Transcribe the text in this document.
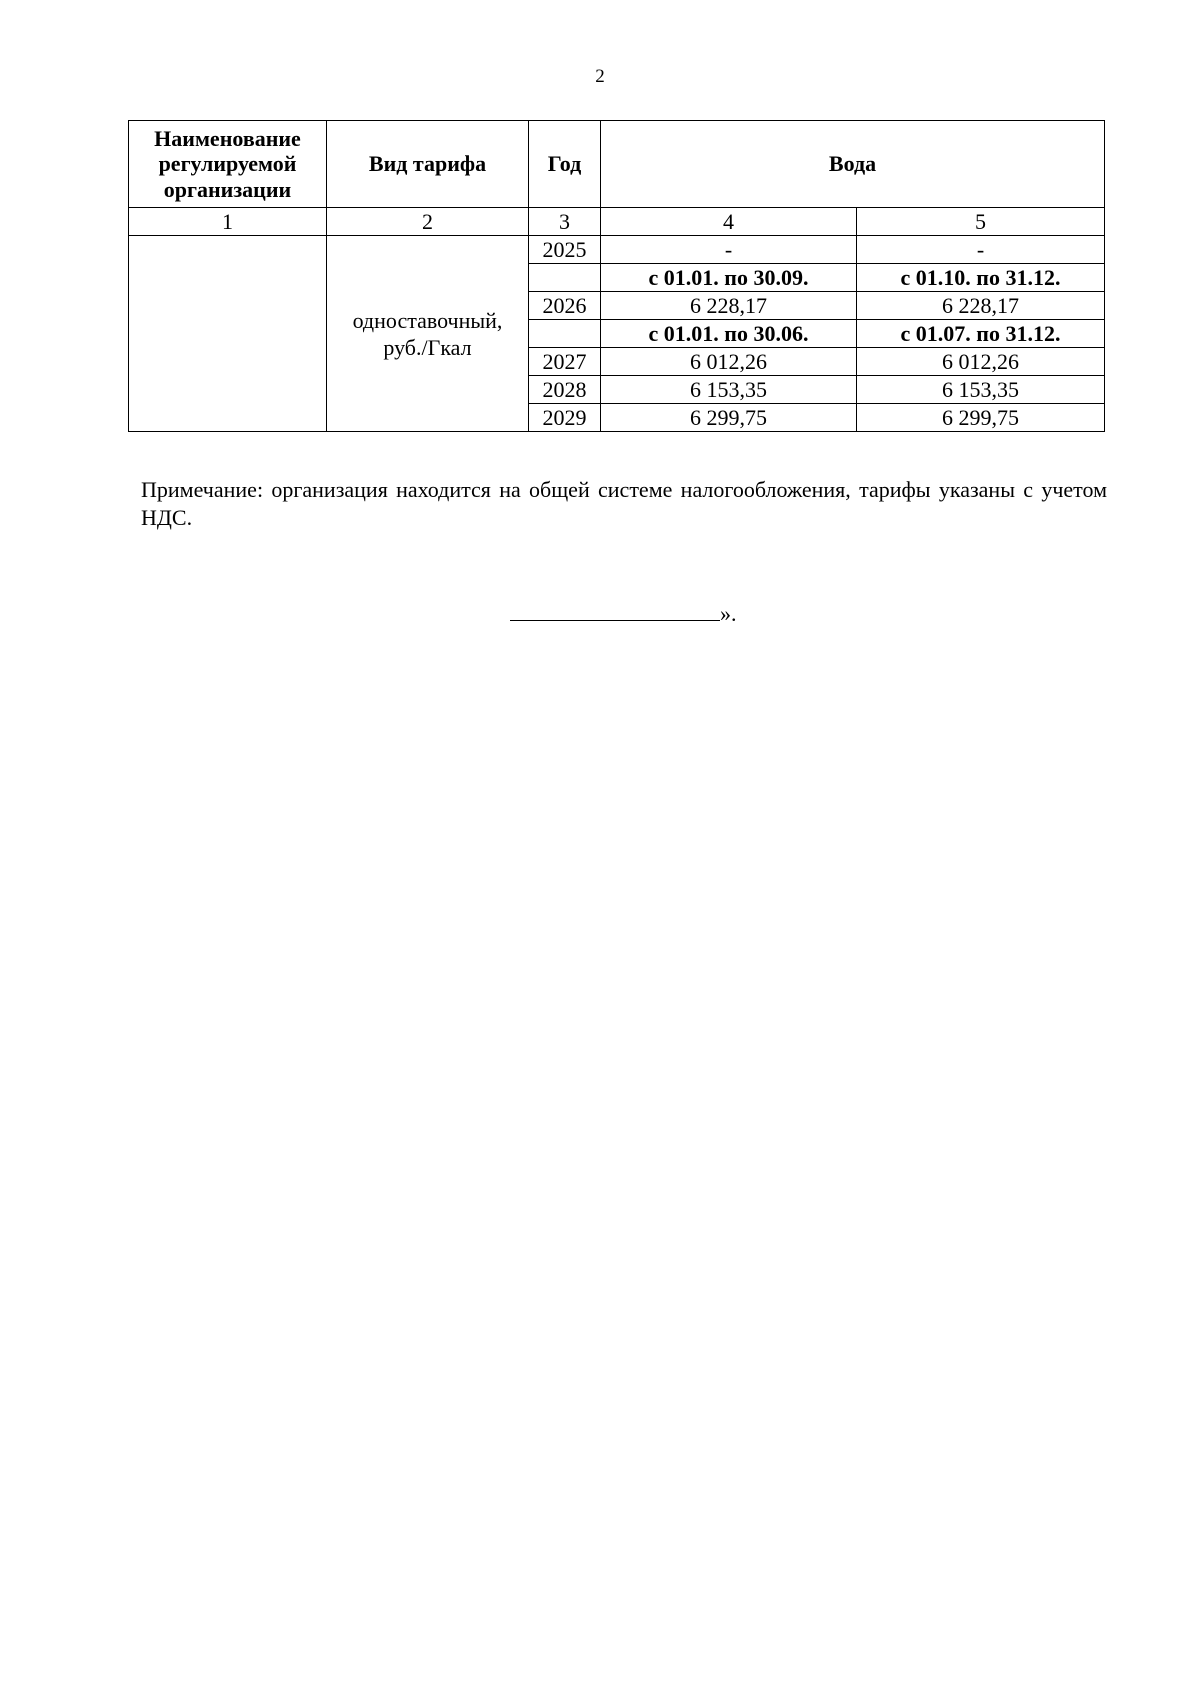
2
Наименование регулируемой организации	Вид тарифа	Год	Вода	
1	2	3	4	5
	одноставочный, руб./Гкал	2025	-	-
			с 01.01. по 30.09.	с 01.10. по 31.12.
		2026	6 228,17	6 228,17
			с 01.01. по 30.06.	с 01.07. по 31.12.
		2027	6 012,26	6 012,26
		2028	6 153,35	6 153,35
		2029	6 299,75	6 299,75
Примечание: организация находится на общей системе налогообложения, тарифы указаны с учетом НДС.
».
